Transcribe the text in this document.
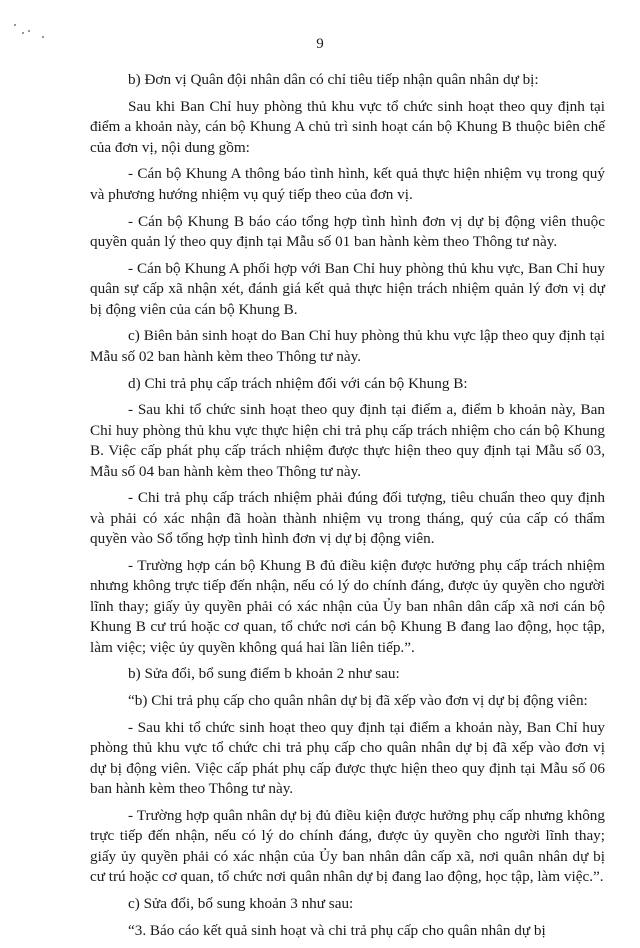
9

b) Đơn vị Quân đội nhân dân có chỉ tiêu tiếp nhận quân nhân dự bị:

Sau khi Ban Chỉ huy phòng thủ khu vực tổ chức sinh hoạt theo quy định tại điểm a khoản này, cán bộ Khung A chủ trì sinh hoạt cán bộ Khung B thuộc biên chế của đơn vị, nội dung gồm:

- Cán bộ Khung A thông báo tình hình, kết quả thực hiện nhiệm vụ trong quý và phương hướng nhiệm vụ quý tiếp theo của đơn vị.

- Cán bộ Khung B báo cáo tổng hợp tình hình đơn vị dự bị động viên thuộc quyền quản lý theo quy định tại Mẫu số 01 ban hành kèm theo Thông tư này.

- Cán bộ Khung A phối hợp với Ban Chỉ huy phòng thủ khu vực, Ban Chỉ huy quân sự cấp xã nhận xét, đánh giá kết quả thực hiện trách nhiệm quản lý đơn vị dự bị động viên của cán bộ Khung B.

c) Biên bản sinh hoạt do Ban Chỉ huy phòng thủ khu vực lập theo quy định tại Mẫu số 02 ban hành kèm theo Thông tư này.

d) Chi trả phụ cấp trách nhiệm đối với cán bộ Khung B:

- Sau khi tổ chức sinh hoạt theo quy định tại điểm a, điểm b khoản này, Ban Chỉ huy phòng thủ khu vực thực hiện chi trả phụ cấp trách nhiệm cho cán bộ Khung B. Việc cấp phát phụ cấp trách nhiệm được thực hiện theo quy định tại Mẫu số 03, Mẫu số 04 ban hành kèm theo Thông tư này.

- Chi trả phụ cấp trách nhiệm phải đúng đối tượng, tiêu chuẩn theo quy định và phải có xác nhận đã hoàn thành nhiệm vụ trong tháng, quý của cấp có thẩm quyền vào Sổ tổng hợp tình hình đơn vị dự bị động viên.

- Trường hợp cán bộ Khung B đủ điều kiện được hưởng phụ cấp trách nhiệm nhưng không trực tiếp đến nhận, nếu có lý do chính đáng, được ủy quyền cho người lĩnh thay; giấy ủy quyền phải có xác nhận của Ủy ban nhân dân cấp xã nơi cán bộ Khung B cư trú hoặc cơ quan, tổ chức nơi cán bộ Khung B đang lao động, học tập, làm việc; việc ủy quyền không quá hai lần liên tiếp.”.

b) Sửa đổi, bổ sung điểm b khoản 2 như sau:

“b) Chi trả phụ cấp cho quân nhân dự bị đã xếp vào đơn vị dự bị động viên:

- Sau khi tổ chức sinh hoạt theo quy định tại điểm a khoản này, Ban Chỉ huy phòng thủ khu vực tổ chức chi trả phụ cấp cho quân nhân dự bị đã xếp vào đơn vị dự bị động viên. Việc cấp phát phụ cấp được thực hiện theo quy định tại Mẫu số 06 ban hành kèm theo Thông tư này.

- Trường hợp quân nhân dự bị đủ điều kiện được hưởng phụ cấp nhưng không trực tiếp đến nhận, nếu có lý do chính đáng, được ủy quyền cho người lĩnh thay; giấy ủy quyền phải có xác nhận của Ủy ban nhân dân cấp xã, nơi quân nhân dự bị cư trú hoặc cơ quan, tổ chức nơi quân nhân dự bị đang lao động, học tập, làm việc.”.

c) Sửa đổi, bổ sung khoản 3 như sau:

“3. Báo cáo kết quả sinh hoạt và chi trả phụ cấp cho quân nhân dự bị
